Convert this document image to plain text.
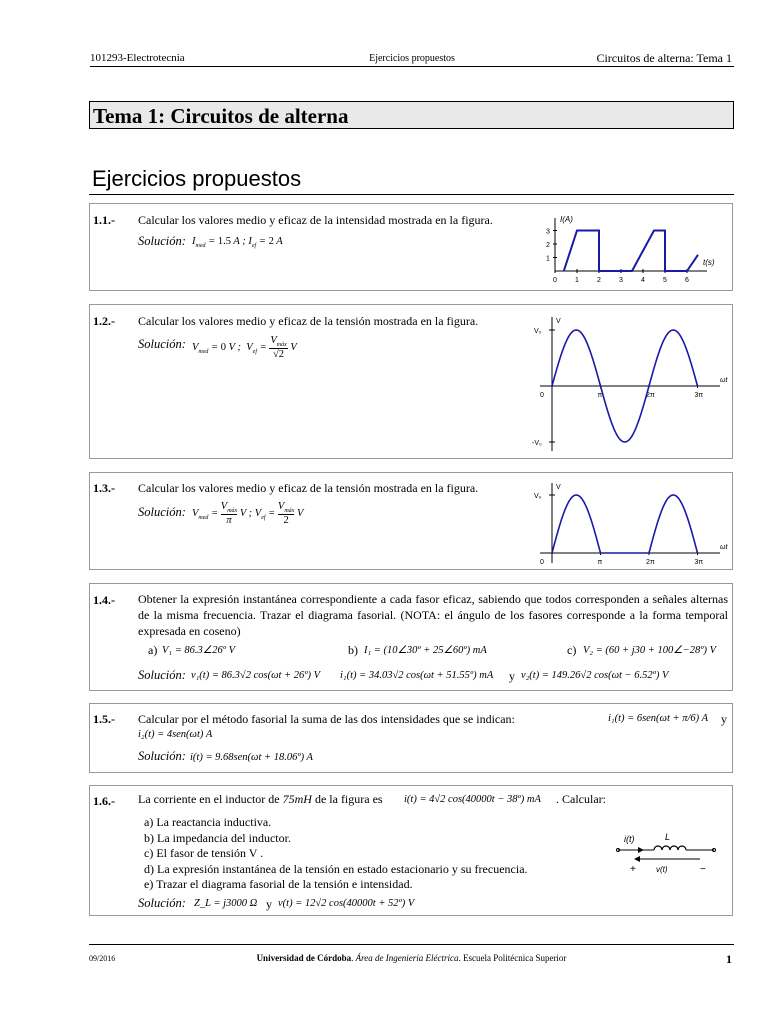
101293-Electrotecnia	Ejercicios propuestos	Circuitos de alterna: Tema 1
Tema 1: Circuitos de alterna
Ejercicios propuestos
1.1.- Calcular los valores medio y eficaz de la intensidad mostrada en la figura.
Solución: $I_{med} = 1.5$ A ; $I_{ef} = 2$ A
I(A)
t(s)
1
2
3
0	1	2	3	4	5	6
1.2.- Calcular los valores medio y eficaz de la tensión mostrada en la figura.
Solución: $V_{med} = 0$ V ;  $V_{ef}$ =
$V_{máx}$
√2
V
V
ωt
V₀
-V₀
0	π	2π	3π
1.3.- Calcular los valores medio y eficaz de la tensión mostrada en la figura.
Solución: $V_{med}$ =
$V_{máx}$
π
V ; $V_{ef}$ =
$V_{máx}$
2
V
V
ωt
V₀
0	π	2π	3π
1.4.- Obtener la expresión instantánea correspondiente a cada fasor eficaz, sabiendo que todos corresponden a señales alternas de la misma frecuencia. Trazar el diagrama fasorial. (NOTA: el ángulo de los fasores corresponde a la forma temporal expresada en coseno)
a) V₁ = 86.3∠26º V	b) I₁ = (10∠30º + 25∠60º) mA	c) V₂ = (60 + j30 + 100∠−28º) V
Solución: v₁(t) = 86.3√2 cos(ωt + 26º) V i₁(t) = 34.03√2 cos(ωt + 51.55º) mA y v₂(t) = 149.26√2 cos(ωt − 6.52º) V
1.5.- Calcular por el método fasorial la suma de las dos intensidades que se indican:	i₁(t) = 6sen(ωt + π/6) A y
i₂(t) = 4sen(ωt) A
Solución: i(t) = 9.68sen(ωt + 18.06º) A
1.6.- La corriente en el inductor de 75mH de la figura es i(t) = 4√2 cos(40000t − 38º) mA . Calcular:
a) La reactancia inductiva.
b) La impedancia del inductor.
c) El fasor de tensión V .
d) La expresión instantánea de la tensión en estado estacionario y su frecuencia.
e) Trazar el diagrama fasorial de la tensión e intensidad.
Solución: Z_L = j3000 Ω y v(t) = 12√2 cos(40000t + 52º) V
i(t)	L
+	v(t)	−
09/2016	Universidad de Córdoba. Área de Ingeniería Eléctrica. Escuela Politécnica Superior	1
